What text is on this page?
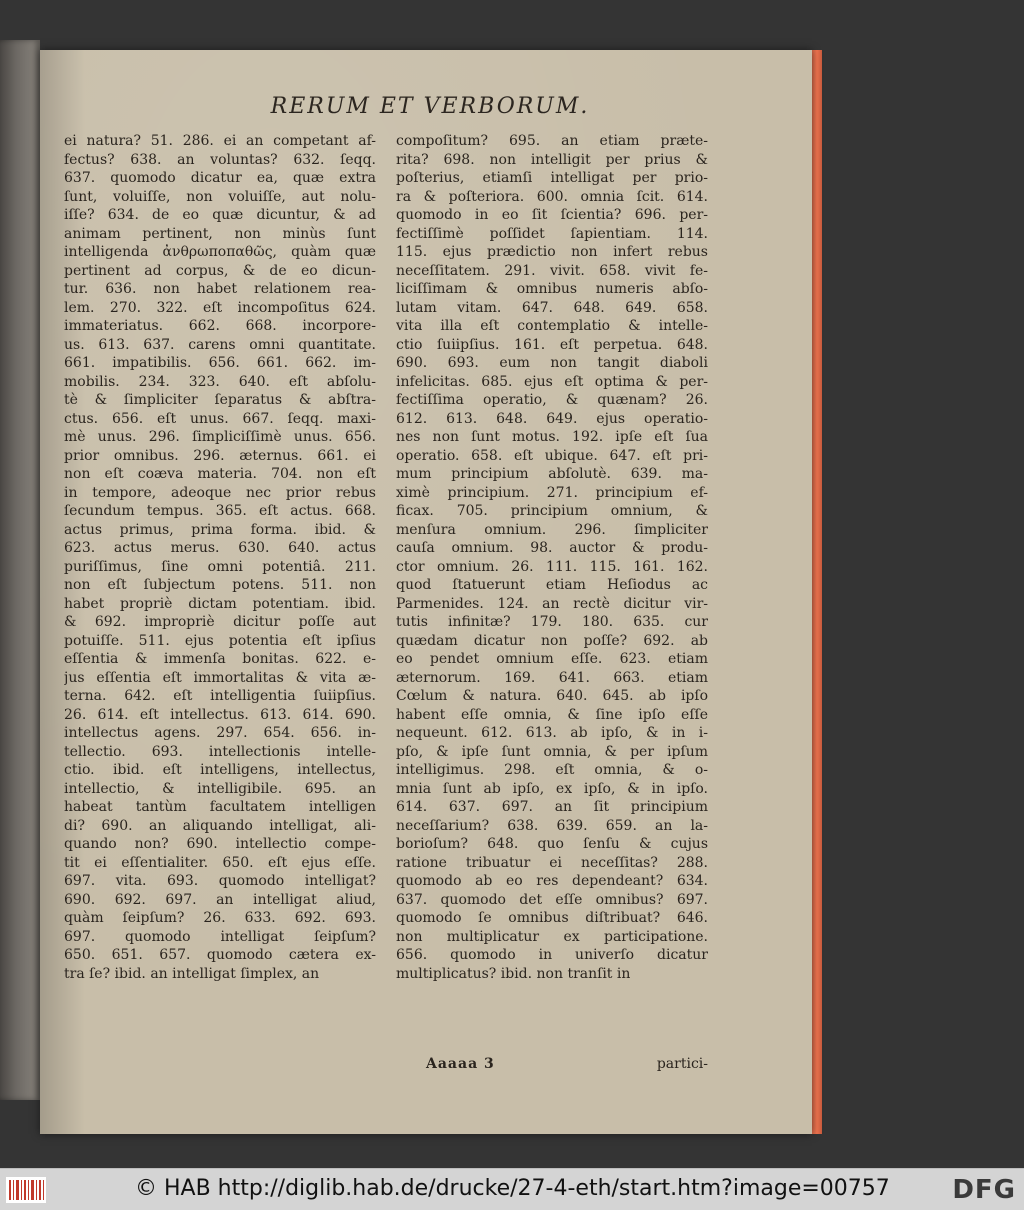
RERUM ET VERBORUM.
ei natura? 51. 286. ei an competant af-
fectus? 638. an voluntas? 632. ſeqq.
637. quomodo dicatur ea, quæ extra
ſunt, voluiſſe, non voluiſſe, aut nolu-
iſſe? 634. de eo quæ dicuntur, & ad
animam pertinent, non minùs ſunt
intelligenda ἀνθρωποπαθῶς, quàm quæ
pertinent ad corpus, & de eo dicun-
tur. 636. non habet relationem rea-
lem. 270. 322. eſt incompoſitus 624.
immateriatus. 662. 668. incorpore-
us. 613. 637. carens omni quantitate.
661. impatibilis. 656. 661. 662. im-
mobilis. 234. 323. 640. eſt abſolu-
tè & ſimpliciter ſeparatus & abſtra-
ctus. 656. eſt unus. 667. ſeqq. maxi-
mè unus. 296. ſimpliciſſimè unus. 656.
prior omnibus. 296. æternus. 661. ei
non eſt coæva materia. 704. non eſt
in tempore, adeoque nec prior rebus
ſecundum tempus. 365. eſt actus. 668.
actus primus, prima forma. ibid. &
623. actus merus. 630. 640. actus
puriſſimus, ſine omni potentiâ. 211.
non eſt ſubjectum potens. 511. non
habet propriè dictam potentiam. ibid.
& 692. impropriè dicitur poſſe aut
potuiſſe. 511. ejus potentia eſt ipſius
eſſentia & immenſa bonitas. 622. e-
jus eſſentia eſt immortalitas & vita æ-
terna. 642. eſt intelligentia ſuiipſius.
26. 614. eſt intellectus. 613. 614. 690.
intellectus agens. 297. 654. 656. in-
tellectio. 693. intellectionis intelle-
ctio. ibid. eſt intelligens, intellectus,
intellectio, & intelligibile. 695. an
habeat tantùm facultatem intelligen
di? 690. an aliquando intelligat, ali-
quando non? 690. intellectio compe-
tit ei eſſentialiter. 650. eſt ejus eſſe.
697. vita. 693. quomodo intelligat?
690. 692. 697. an intelligat aliud,
quàm ſeipſum? 26. 633. 692. 693.
697. quomodo intelligat ſeipſum?
650. 651. 657. quomodo cætera ex-
tra ſe? ibid. an intelligat ſimplex, an
compoſitum? 695. an etiam præte-
rita? 698. non intelligit per prius &
poſterius, etiamſi intelligat per prio-
ra & poſteriora. 600. omnia ſcit. 614.
quomodo in eo ſit ſcientia? 696. per-
fectiſſimè poſſidet ſapientiam. 114.
115. ejus prædictio non infert rebus
neceſſitatem. 291. vivit. 658. vivit fe-
liciſſimam & omnibus numeris abſo-
lutam vitam. 647. 648. 649. 658.
vita illa eſt contemplatio & intelle-
ctio ſuiipſius. 161. eſt perpetua. 648.
690. 693. eum non tangit diaboli
infelicitas. 685. ejus eſt optima & per-
fectiſſima operatio, & quænam? 26.
612. 613. 648. 649. ejus operatio-
nes non ſunt motus. 192. ipſe eſt ſua
operatio. 658. eſt ubique. 647. eſt pri-
mum principium abſolutè. 639. ma-
ximè principium. 271. principium ef-
ficax. 705. principium omnium, &
menſura omnium. 296. ſimpliciter
cauſa omnium. 98. auctor & produ-
ctor omnium. 26. 111. 115. 161. 162.
quod ſtatuerunt etiam Heſiodus ac
Parmenides. 124. an rectè dicitur vir-
tutis infinitæ? 179. 180. 635. cur
quædam dicatur non poſſe? 692. ab
eo pendet omnium eſſe. 623. etiam
æternorum. 169. 641. 663. etiam
Cœlum & natura. 640. 645. ab ipſo
habent eſſe omnia, & ſine ipſo eſſe
nequeunt. 612. 613. ab ipſo, & in i-
pſo, & ipſe ſunt omnia, & per ipſum
intelligimus. 298. eſt omnia, & o-
mnia ſunt ab ipſo, ex ipſo, & in ipſo.
614. 637. 697. an ſit principium
neceſſarium? 638. 639. 659. an la-
borioſum? 648. quo ſenſu & cujus
ratione tribuatur ei neceſſitas? 288.
quomodo ab eo res dependeant? 634.
637. quomodo det eſſe omnibus? 697.
quomodo ſe omnibus diſtribuat? 646.
non multiplicatur ex participatione.
656. quomodo in univerſo dicatur
multiplicatus? ibid. non tranſit in
Aaaaa 3	partici-
© HAB http://diglib.hab.de/drucke/27-4-eth/start.htm?image=00757 DFG
